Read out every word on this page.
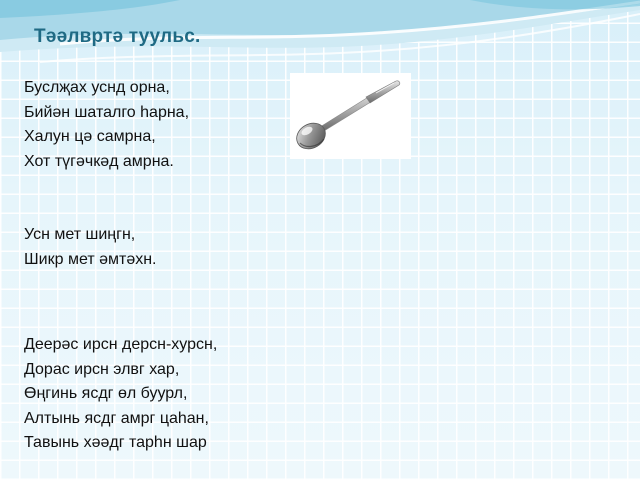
Тәәлвртә туульс.

Буслҗах уснд орна,
Бийән шаталго һарна,
Халун цә самрна,
Хот түгәчкәд амрна.

Усн мет шиңгн,
Шикр мет әмтәхн.

Деерәс ирсн дерсн-хурсн,
Дорас ирсн элвг хар,
Өңгинь ясдг өл буурл,
Алтынь ясдг амрг цаһан,
Тавынь хәәдг тарһн шар
